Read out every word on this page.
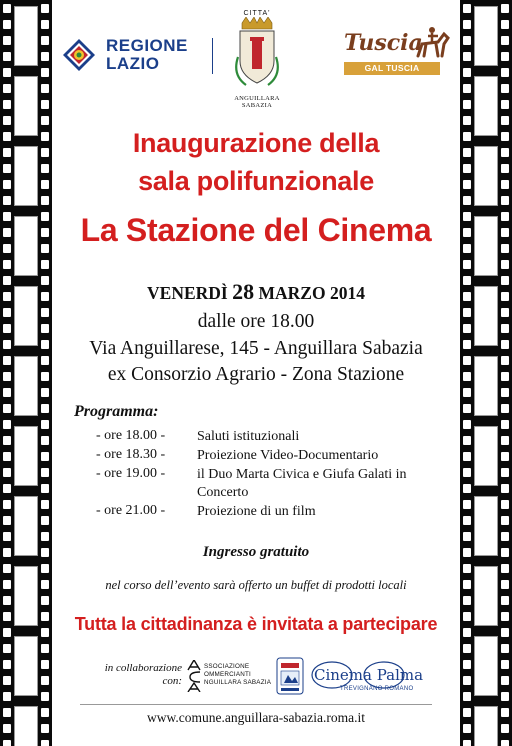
REGIONE
LAZIO
CITTA'
ANGUILLARA SABAZIA
Tuscia
GAL TUSCIA ROMANA
Inaugurazione della
sala polifunzionale
La Stazione del Cinema
VENERDÌ 28 MARZO 2014
dalle ore 18.00
Via Anguillarese, 145 - Anguillara Sabazia
ex Consorzio Agrario - Zona Stazione
Programma:
- ore 18.00 - Saluti istituzionali
- ore 18.30 - Proiezione Video-Documentario
- ore 19.00 - il Duo Marta Civica e Giufa Galati in Concerto
- ore 21.00 - Proiezione di un film
Ingresso gratuito
nel corso dell’evento sarà offerto un buffet di prodotti locali
Tutta la cittadinanza è invitata a partecipare
in collaborazione
con:
SSOCIAZIONE
OMMERCIANTI
NGUILLARA SABAZIA	Cinema Palma
TREVIGNANO ROMANO
www.comune.anguillara-sabazia.roma.it
